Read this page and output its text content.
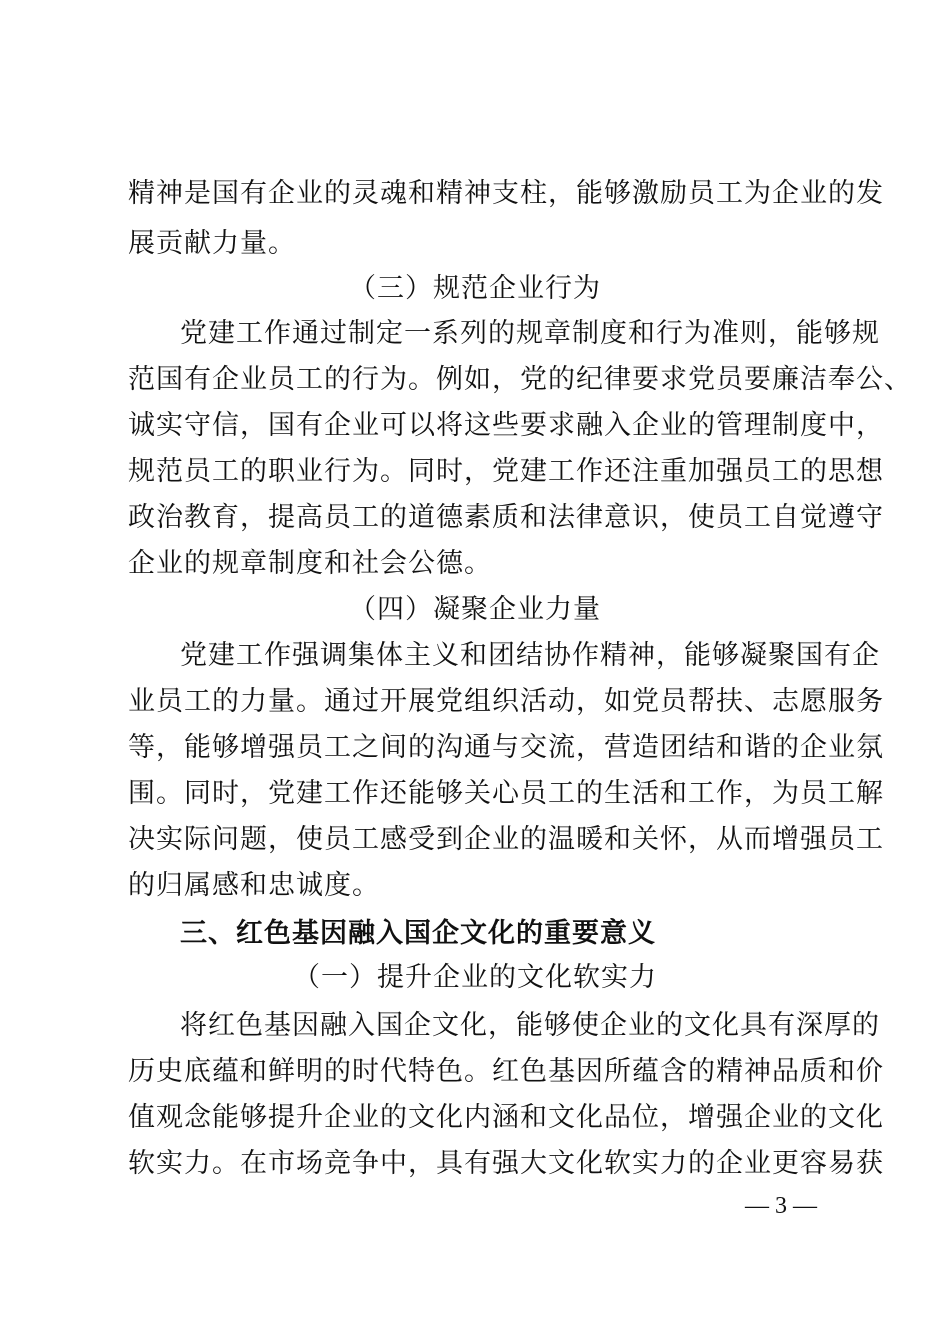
精神是国有企业的灵魂和精神支柱，能够激励员工为企业的发
展贡献力量。
（三）规范企业行为
党建工作通过制定一系列的规章制度和行为准则，能够规
范国有企业员工的行为。例如，党的纪律要求党员要廉洁奉公、
诚实守信，国有企业可以将这些要求融入企业的管理制度中，
规范员工的职业行为。同时，党建工作还注重加强员工的思想
政治教育，提高员工的道德素质和法律意识，使员工自觉遵守
企业的规章制度和社会公德。
（四）凝聚企业力量
党建工作强调集体主义和团结协作精神，能够凝聚国有企
业员工的力量。通过开展党组织活动，如党员帮扶、志愿服务
等，能够增强员工之间的沟通与交流，营造团结和谐的企业氛
围。同时，党建工作还能够关心员工的生活和工作，为员工解
决实际问题，使员工感受到企业的温暖和关怀，从而增强员工
的归属感和忠诚度。
三、红色基因融入国企文化的重要意义
（一）提升企业的文化软实力
将红色基因融入国企文化，能够使企业的文化具有深厚的
历史底蕴和鲜明的时代特色。红色基因所蕴含的精神品质和价
值观念能够提升企业的文化内涵和文化品位，增强企业的文化
软实力。在市场竞争中，具有强大文化软实力的企业更容易获
— 3 —
